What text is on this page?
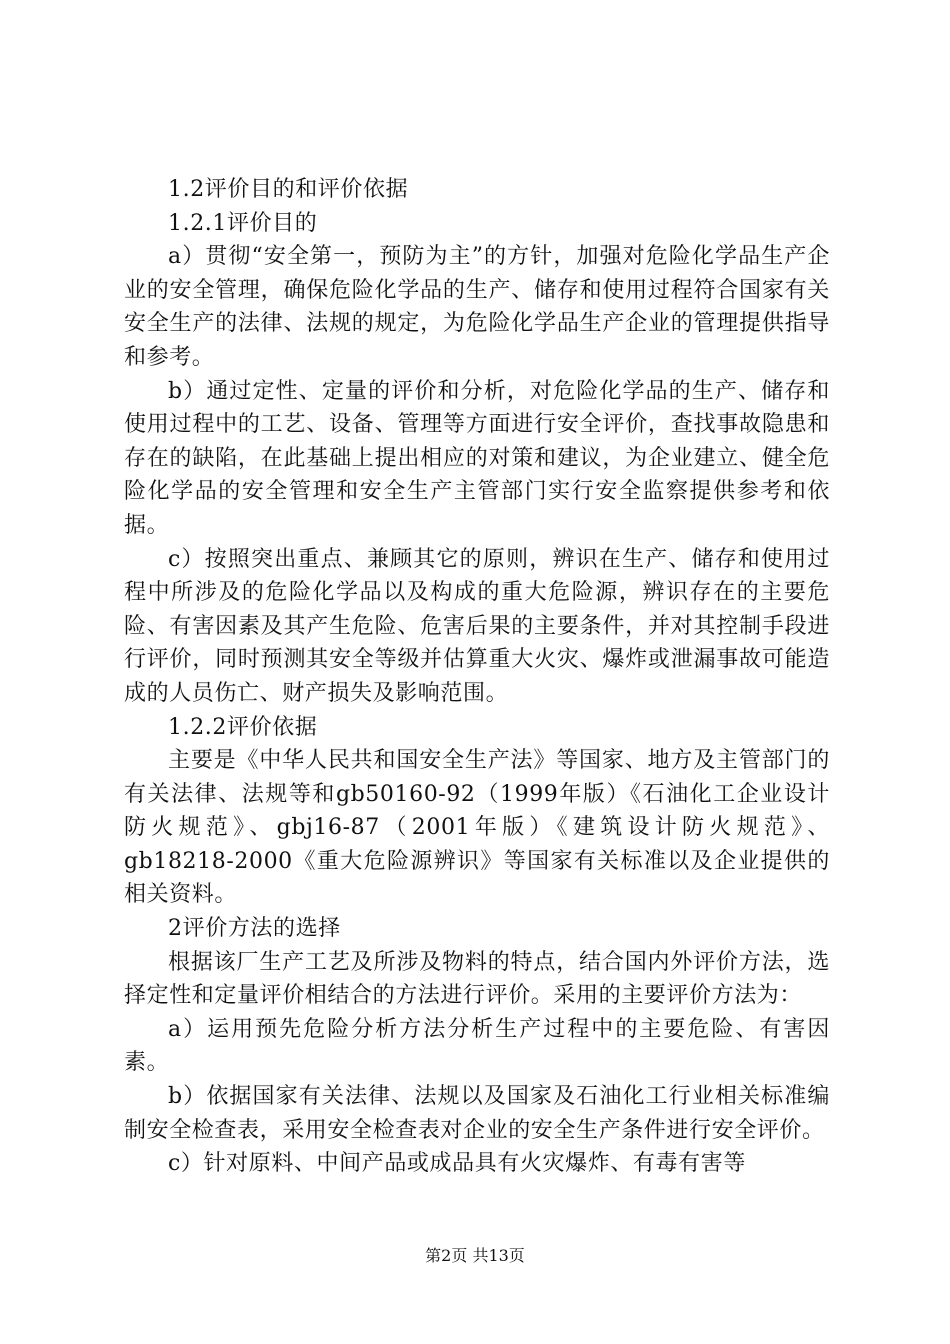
1.2评价目的和评价依据

1.2.1评价目的

a）贯彻“安全第一，预防为主”的方针，加强对危险化学品生产企业的安全管理，确保危险化学品的生产、储存和使用过程符合国家有关安全生产的法律、法规的规定，为危险化学品生产企业的管理提供指导和参考。

b）通过定性、定量的评价和分析，对危险化学品的生产、储存和使用过程中的工艺、设备、管理等方面进行安全评价，查找事故隐患和存在的缺陷，在此基础上提出相应的对策和建议，为企业建立、健全危险化学品的安全管理和安全生产主管部门实行安全监察提供参考和依据。

c）按照突出重点、兼顾其它的原则，辨识在生产、储存和使用过程中所涉及的危险化学品以及构成的重大危险源，辨识存在的主要危险、有害因素及其产生危险、危害后果的主要条件，并对其控制手段进行评价，同时预测其安全等级并估算重大火灾、爆炸或泄漏事故可能造成的人员伤亡、财产损失及影响范围。

1.2.2评价依据

主要是《中华人民共和国安全生产法》等国家、地方及主管部门的有关法律、法规等和gb50160-92（1999年版）《石油化工企业设计防火规范》、gbj16-87（2001年版）《建筑设计防火规范》、gb18218-2000《重大危险源辨识》等国家有关标准以及企业提供的相关资料。

2评价方法的选择

根据该厂生产工艺及所涉及物料的特点，结合国内外评价方法，选择定性和定量评价相结合的方法进行评价。采用的主要评价方法为：

a）运用预先危险分析方法分析生产过程中的主要危险、有害因素。

b）依据国家有关法律、法规以及国家及石油化工行业相关标准编制安全检查表，采用安全检查表对企业的安全生产条件进行安全评价。

c）针对原料、中间产品或成品具有火灾爆炸、有毒有害等

第2页 共13页
